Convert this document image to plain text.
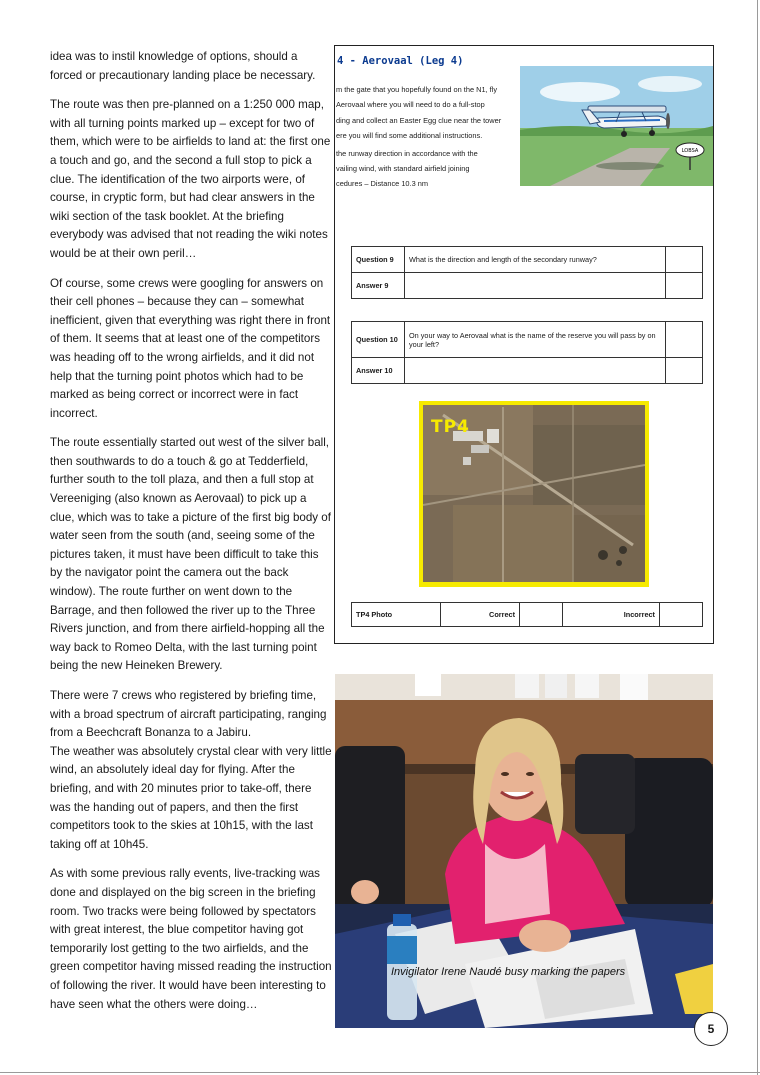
idea was to instil knowledge of options, should a forced or precautionary landing place be necessary.

The route was then pre-planned on a 1:250 000 map, with all turning points marked up – except for two of them, which were to be airfields to land at: the first one a touch and go, and the second a full stop to pick a clue. The identification of the two airports were, of course, in cryptic form, but had clear answers in the wiki section of the task booklet. At the briefing everybody was advised that not reading the wiki notes would be at their own peril…

Of course, some crews were googling for answers on their cell phones – because they can – somewhat inefficient, given that everything was right there in front of them. It seems that at least one of the competitors was heading off to the wrong airfields, and it did not help that the turning point photos which had to be marked as being correct or incorrect were in fact incorrect.

The route essentially started out west of the silver ball, then southwards to do a touch & go at Tedderfield, further south to the toll plaza, and then a full stop at Vereeniging (also known as Aerovaal) to pick up a clue, which was to take a picture of the first big body of water seen from the south (and, seeing some of the pictures taken, it must have been difficult to take this by the navigator point the camera out the back window). The route further on went down to the Barrage, and then followed the river up to the Three Rivers junction, and from there airfield-hopping all the way back to Romeo Delta, with the last turning point being the new Heineken Brewery.

There were 7 crews who registered by briefing time, with a broad spectrum of aircraft participating, ranging from a Beechcraft Bonanza to a Jabiru.
The weather was absolutely crystal clear with very little wind, an absolutely ideal day for flying. After the briefing, and with 20 minutes prior to take-off, there was the handing out of papers, and then the first competitors took to the skies at 10h15, with the last taking off at 10h45.

As with some previous rally events, live-tracking was done and displayed on the big screen in the briefing room. Two tracks were being followed by spectators with great interest, the blue competitor having got temporarily lost getting to the two airfields, and the green competitor having missed reading the instruction of following the river. It would have been interesting to have seen what the others were doing…

4 - Aerovaal (Leg 4)
m the gate that you hopefully found on the N1, fly
Aerovaal where you will need to do a full-stop
ding and collect an Easter Egg clue near the tower
ere you will find some additional instructions.
the runway direction in accordance with the
vailing wind, with standard airfield joining
cedures – Distance 10.3 nm
LOBSA
Question 9	What is the direction and length of the secondary runway?	
Answer 9		
Question 10	On your way to Aerovaal what is the name of the reserve you will pass by on your left?	
Answer 10		
TP4
TP4 Photo	Correct		Incorrect	
Invigilator Irene Naudé busy marking the papers
5
